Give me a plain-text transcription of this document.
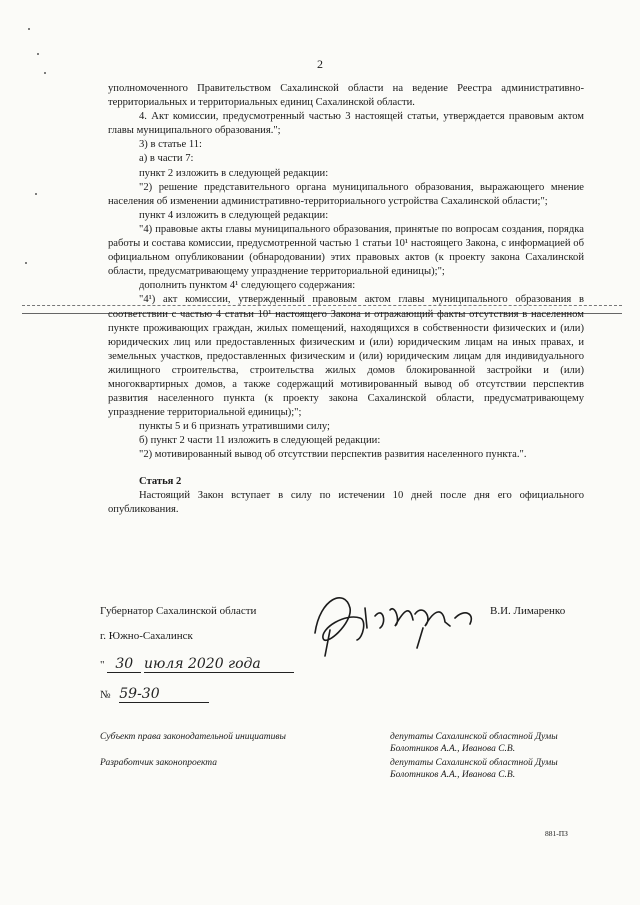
2

уполномоченного Правительством Сахалинской области на ведение Реестра административно-территориальных и территориальных единиц Сахалинской области.

4. Акт комиссии, предусмотренный частью 3 настоящей статьи, утверждается правовым актом главы муниципального образования.";

3) в статье 11:

а) в части 7:

пункт 2 изложить в следующей редакции:

"2) решение представительного органа муниципального образования, выражающего мнение населения об изменении административно-территориального устройства Сахалинской области;";

пункт 4 изложить в следующей редакции:

"4) правовые акты главы муниципального образования, принятые по вопросам создания, порядка работы и состава комиссии, предусмотренной частью 1 статьи 10¹ настоящего Закона, с информацией об официальном опубликовании (обнародовании) этих правовых актов (к проекту закона Сахалинской области, предусматривающему упразднение территориальной единицы);";

дополнить пунктом 4¹ следующего содержания:

"4¹) акт комиссии, утвержденный правовым актом главы муниципального образования в соответствии с частью 4 статьи 10¹ настоящего Закона и отражающий факты отсутствия в населенном пункте проживающих граждан, жилых помещений, находящихся в собственности физических и (или) юридических лиц или предоставленных физическим и (или) юридическим лицам на иных правах, и земельных участков, предоставленных физическим и (или) юридическим лицам для индивидуального жилищного строительства, строительства жилых домов блокированной застройки и (или) многоквартирных домов, а также содержащий мотивированный вывод об отсутствии перспектив развития населенного пункта (к проекту закона Сахалинской области, предусматривающему упразднение территориальной единицы);";

пункты 5 и 6 признать утратившими силу;

б) пункт 2 части 11 изложить в следующей редакции:

"2) мотивированный вывод об отсутствии перспектив развития населенного пункта.".

Статья 2

Настоящий Закон вступает в силу по истечении 10 дней после дня его официального опубликования.

Губернатор Сахалинской области	В.И. Лимаренко
г. Южно-Сахалинск
" 30 июля 2020 года
№ 59-30
Субъект права законодательной инициативы
Разработчик законопроекта
депутаты Сахалинской областной Думы Болотников А.А., Иванова С.В.
депутаты Сахалинской областной Думы Болотников А.А., Иванова С.В.
881-ПЗ
